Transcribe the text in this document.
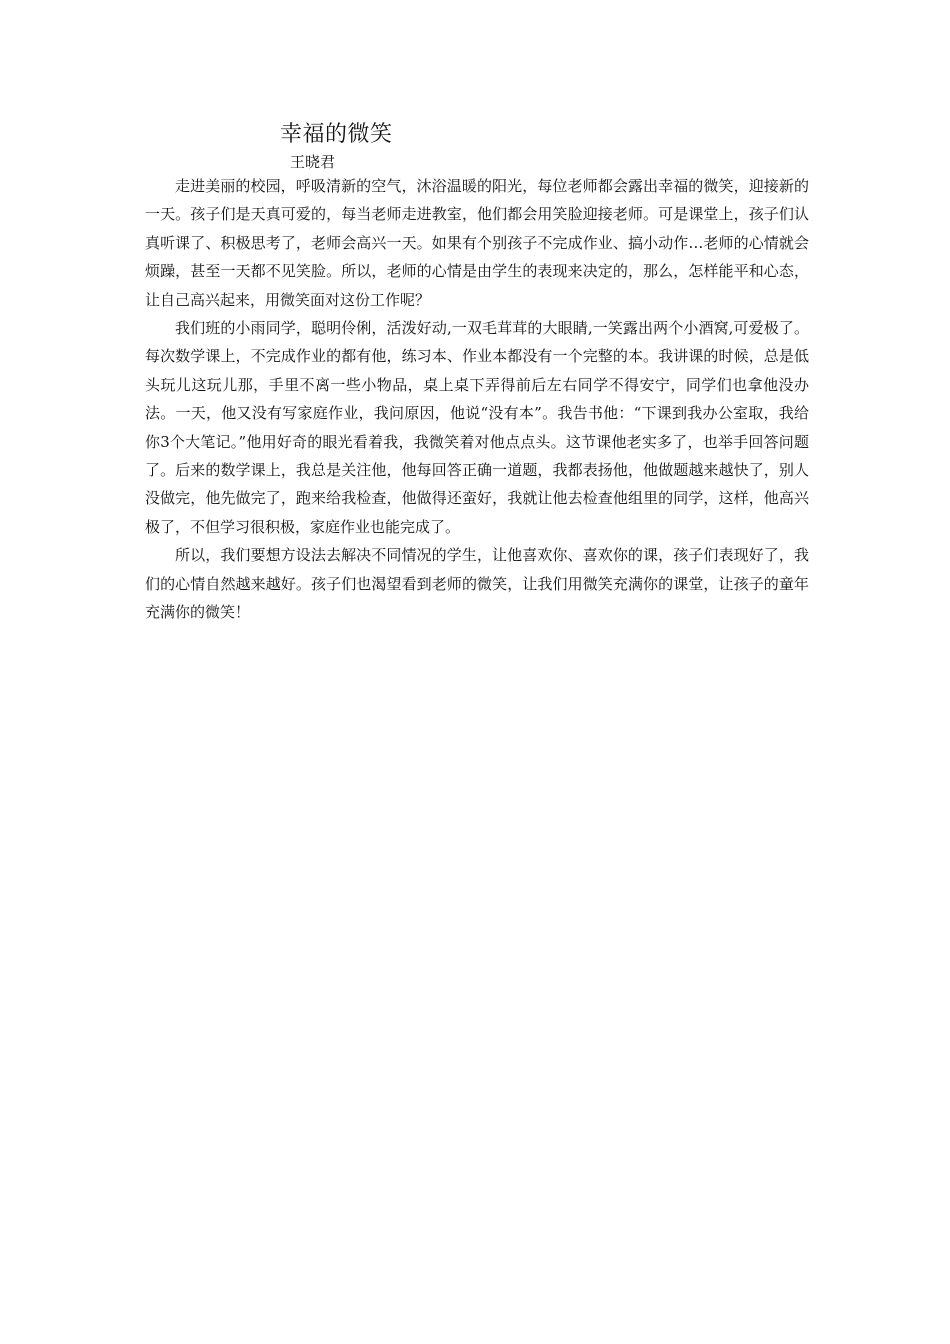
幸福的微笑
王晓君

走进美丽的校园，呼吸清新的空气，沐浴温暖的阳光，每位老师都会露出幸福的微笑，迎接新的一天。孩子们是天真可爱的，每当老师走进教室，他们都会用笑脸迎接老师。可是课堂上，孩子们认真听课了、积极思考了，老师会高兴一天。如果有个别孩子不完成作业、搞小动作…老师的心情就会烦躁，甚至一天都不见笑脸。所以，老师的心情是由学生的表现来决定的，那么，怎样能平和心态，让自己高兴起来，用微笑面对这份工作呢？

我们班的小雨同学，聪明伶俐，活泼好动,一双毛茸茸的大眼睛,一笑露出两个小酒窝,可爱极了。每次数学课上，不完成作业的都有他，练习本、作业本都没有一个完整的本。我讲课的时候，总是低头玩儿这玩儿那，手里不离一些小物品，桌上桌下弄得前后左右同学不得安宁，同学们也拿他没办法。一天，他又没有写家庭作业，我问原因，他说“没有本”。我告书他：“下课到我办公室取，我给你3个大笔记。”他用好奇的眼光看着我，我微笑着对他点点头。这节课他老实多了，也举手回答问题了。后来的数学课上，我总是关注他，他每回答正确一道题，我都表扬他，他做题越来越快了，别人没做完，他先做完了，跑来给我检查，他做得还蛮好，我就让他去检查他组里的同学，这样，他高兴极了，不但学习很积极，家庭作业也能完成了。

所以，我们要想方设法去解决不同情况的学生，让他喜欢你、喜欢你的课，孩子们表现好了，我们的心情自然越来越好。孩子们也渴望看到老师的微笑，让我们用微笑充满你的课堂，让孩子的童年充满你的微笑！
